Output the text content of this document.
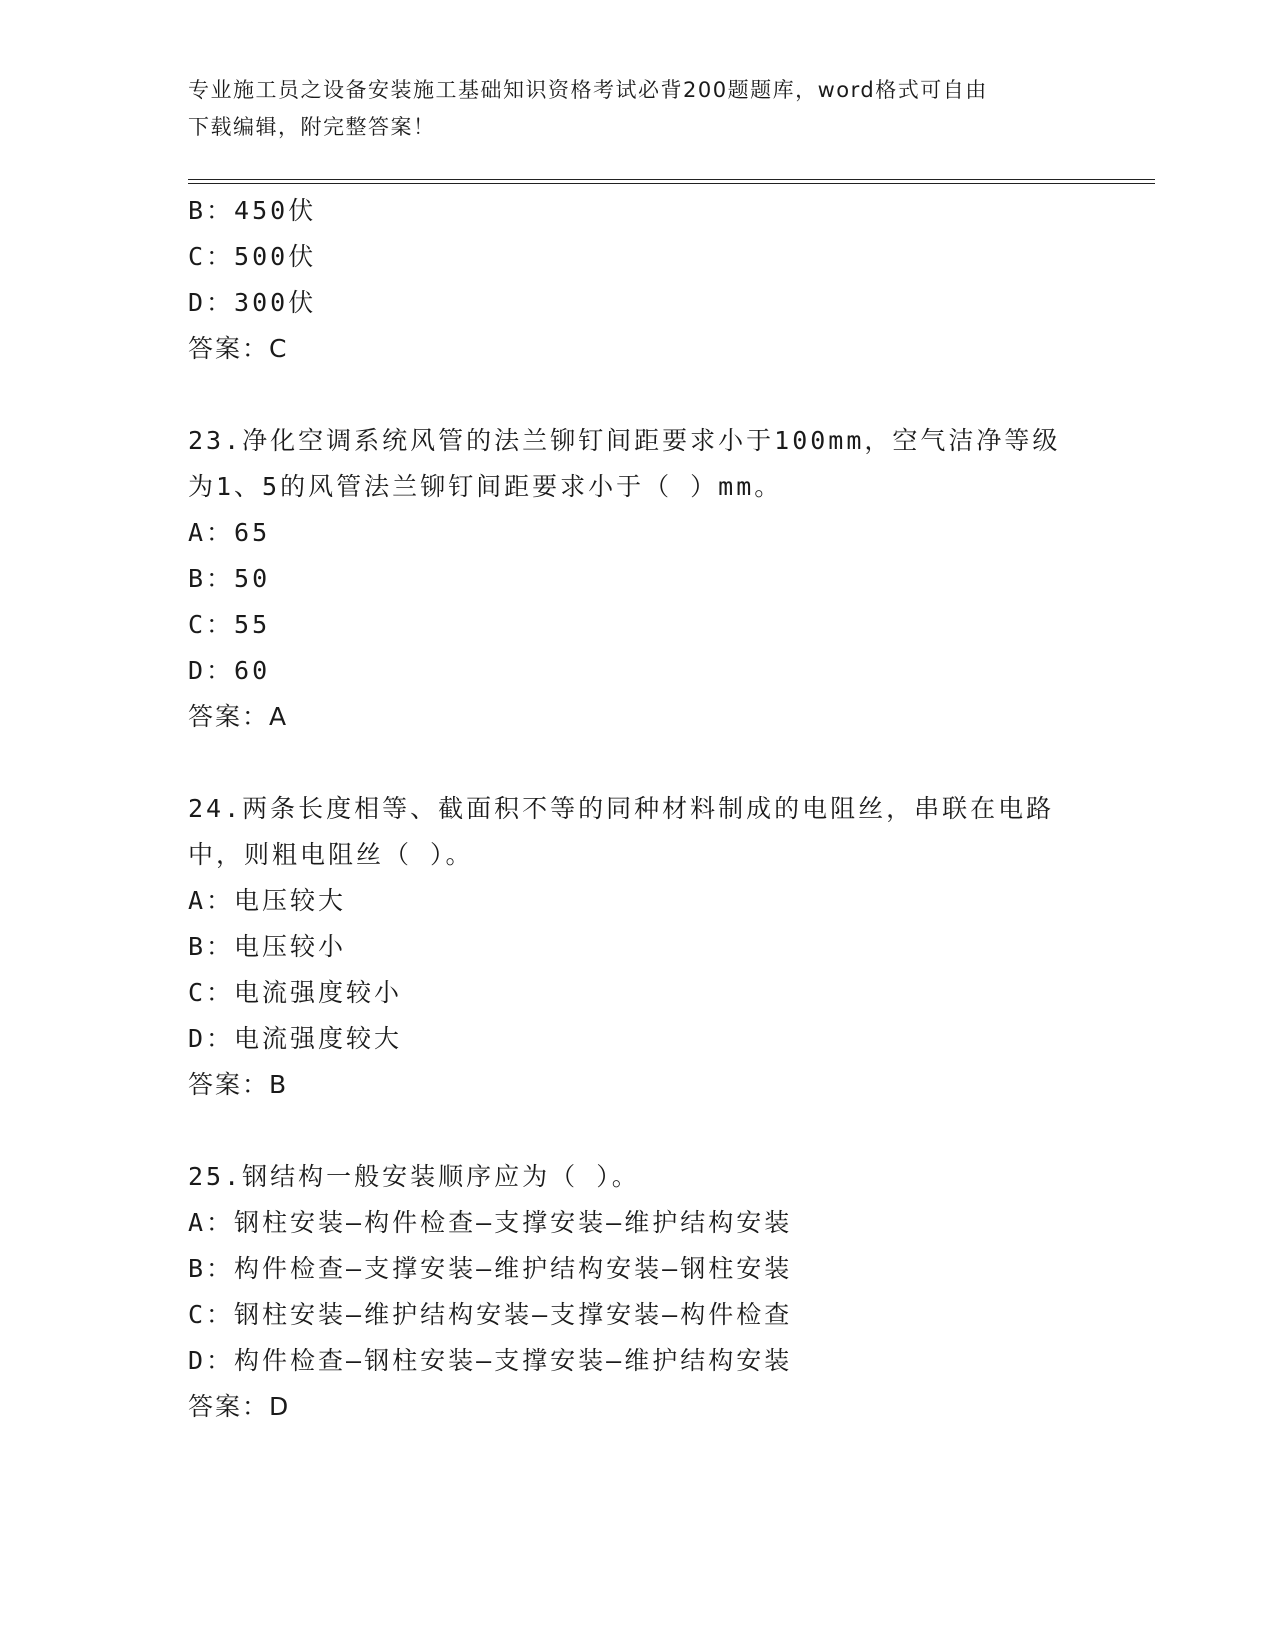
专业施工员之设备安装施工基础知识资格考试必背200题题库，word格式可自由
下载编辑，附完整答案！
B：450伏
C：500伏
D：300伏
答案：C
23.净化空调系统风管的法兰铆钉间距要求小于100mm，空气洁净等级
为1、5的风管法兰铆钉间距要求小于（ ）mm。
A：65
B：50
C：55
D：60
答案：A
24.两条长度相等、截面积不等的同种材料制成的电阻丝，串联在电路
中，则粗电阻丝（ ）。
A：电压较大
B：电压较小
C：电流强度较小
D：电流强度较大
答案：B
25.钢结构一般安装顺序应为（ ）。
A：钢柱安装—构件检查—支撑安装—维护结构安装
B：构件检查—支撑安装—维护结构安装—钢柱安装
C：钢柱安装—维护结构安装—支撑安装—构件检查
D：构件检查—钢柱安装—支撑安装—维护结构安装
答案：D
